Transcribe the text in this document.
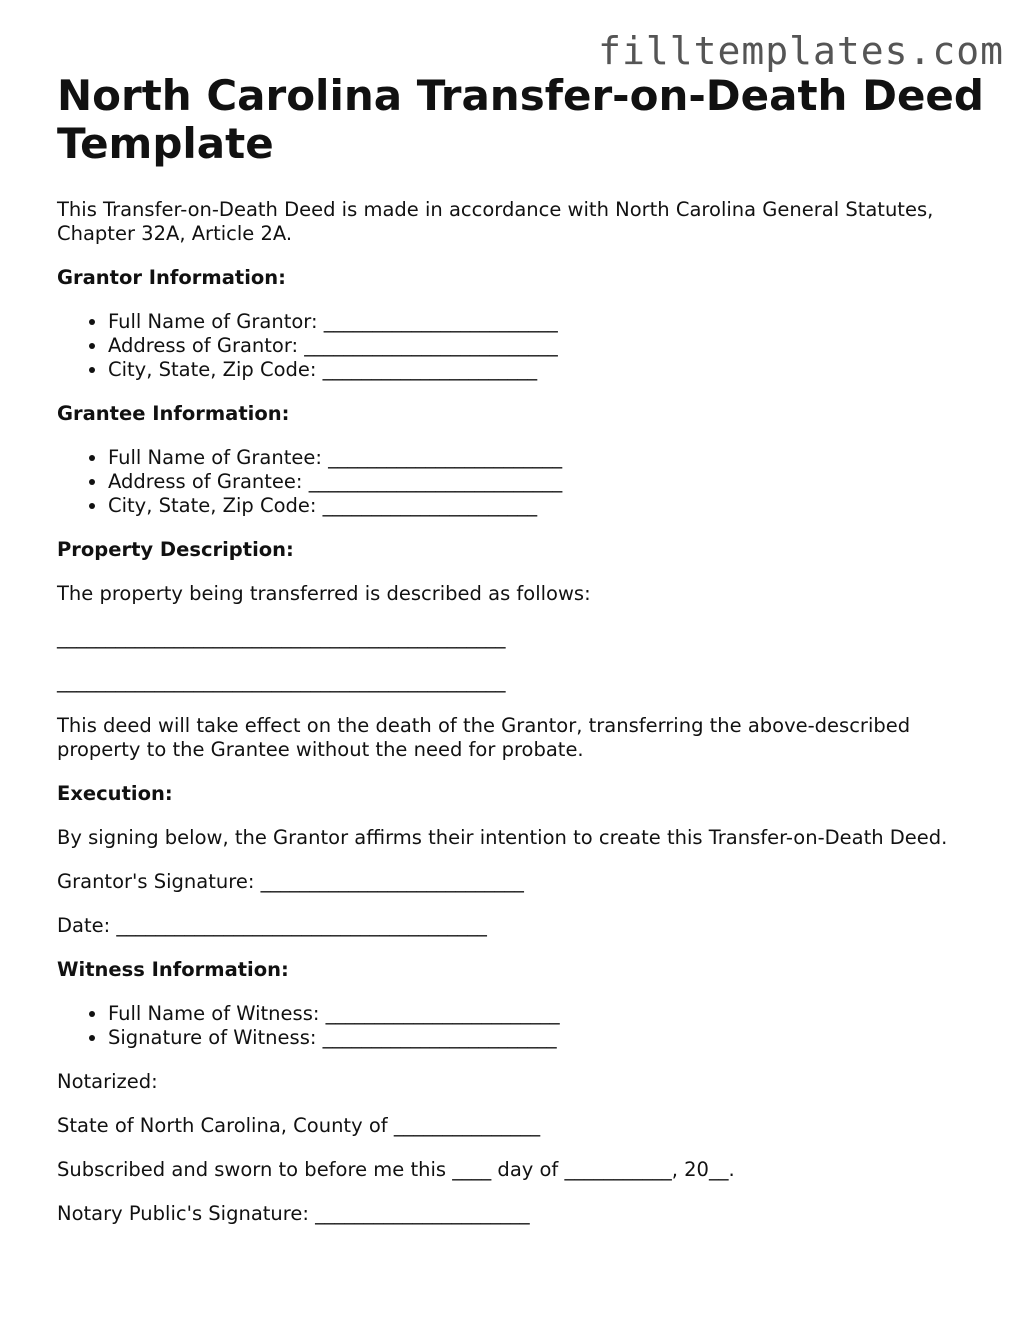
filltemplates.com
North Carolina Transfer-on-Death Deed Template

This Transfer-on-Death Deed is made in accordance with North Carolina General Statutes, Chapter 32A, Article 2A.

Grantor Information:

• Full Name of Grantor: ________________________
• Address of Grantor: __________________________
• City, State, Zip Code: ______________________

Grantee Information:

• Full Name of Grantee: ________________________
• Address of Grantee: __________________________
• City, State, Zip Code: ______________________

Property Description:

The property being transferred is described as follows:

______________________________________________

______________________________________________

This deed will take effect on the death of the Grantor, transferring the above-described property to the Grantee without the need for probate.

Execution:

By signing below, the Grantor affirms their intention to create this Transfer-on-Death Deed.

Grantor's Signature: ___________________________

Date: ______________________________________

Witness Information:

• Full Name of Witness: ________________________
• Signature of Witness: ________________________

Notarized:

State of North Carolina, County of _______________

Subscribed and sworn to before me this ____ day of ___________, 20__.

Notary Public's Signature: ______________________
